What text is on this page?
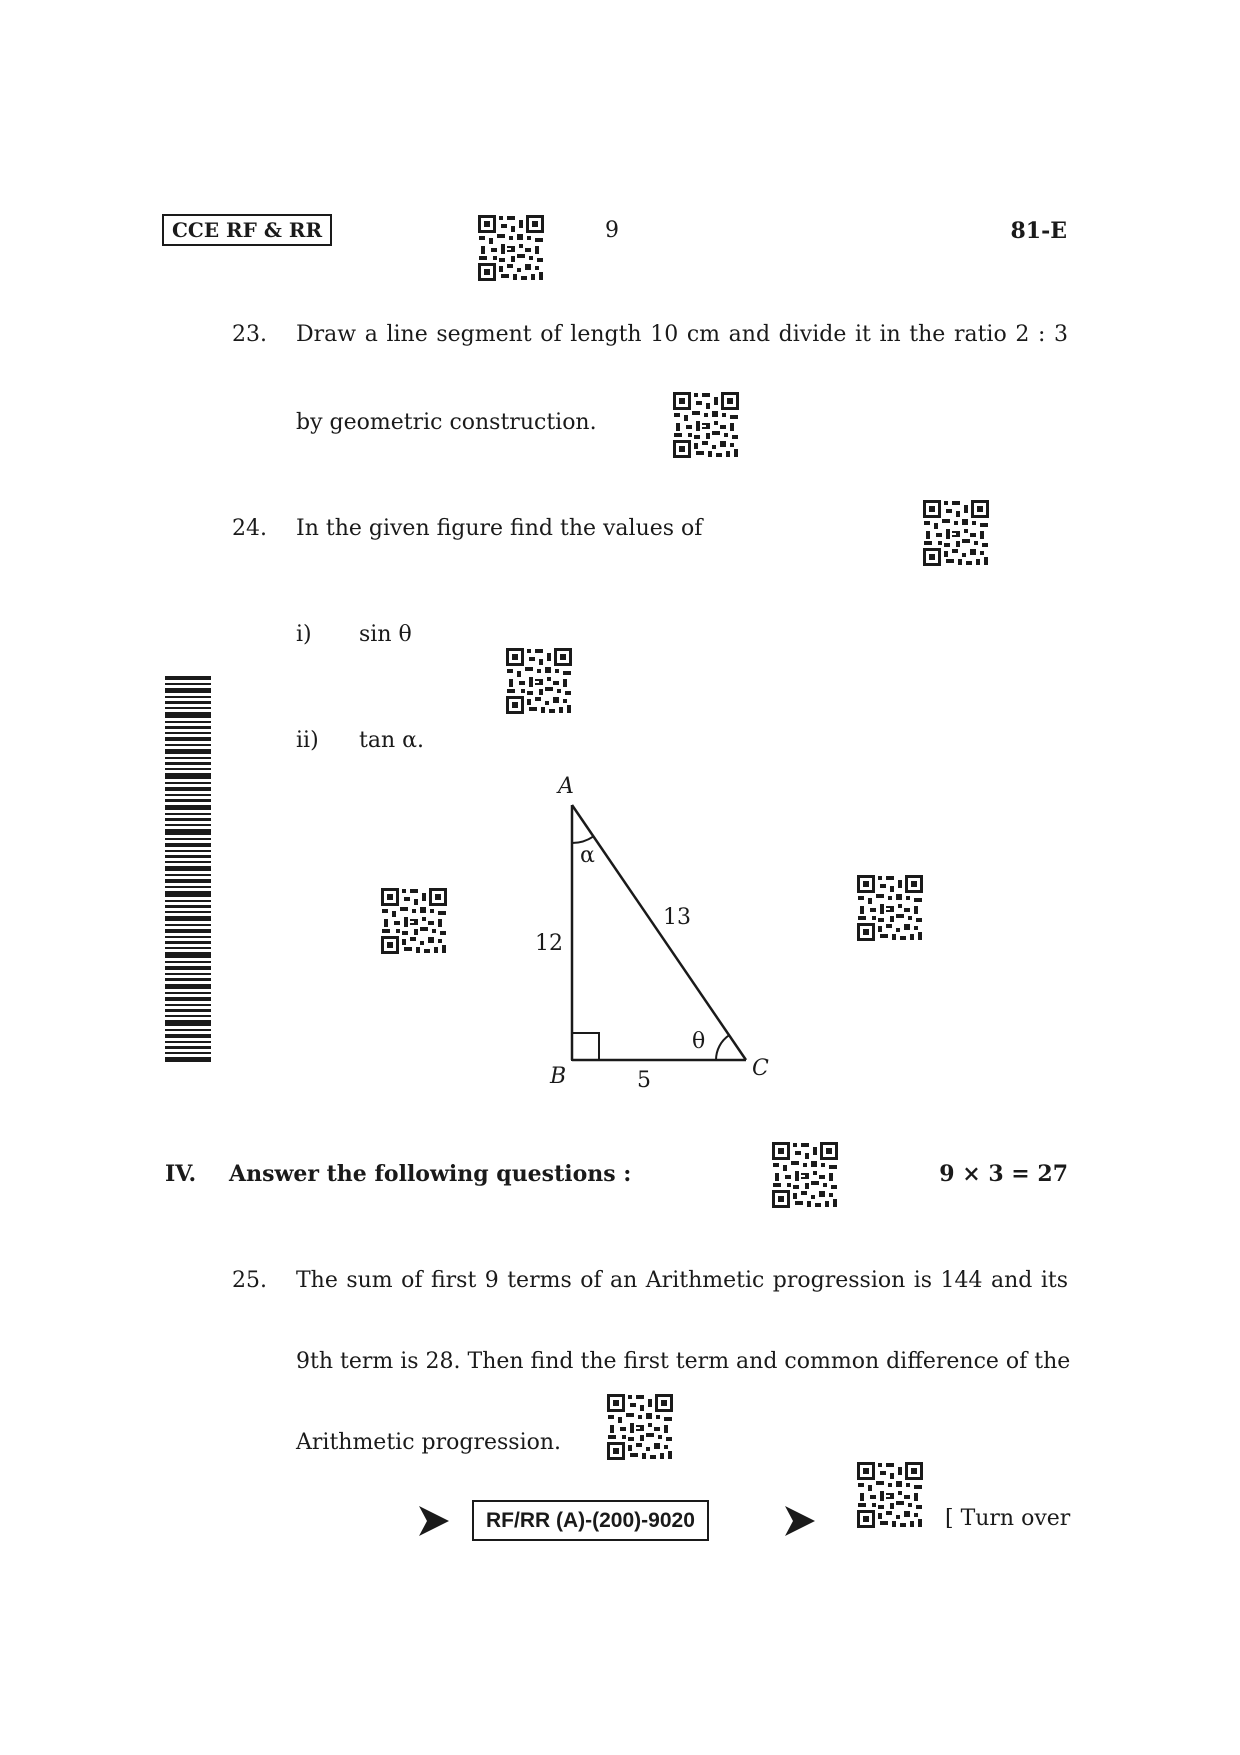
CCE RF & RR	9	81-E
23. Draw a line segment of length 10 cm and divide it in the ratio 2 : 3
by geometric construction.
24. In the given figure find the values of
i) sin θ
ii) tan α.
A
B	C
α
θ
12
5
13
IV. Answer the following questions :	9 × 3 = 27
25. The sum of first 9 terms of an Arithmetic progression is 144 and its
9th term is 28. Then find the first term and common difference of the
Arithmetic progression.
RF/RR (A)-(200)-9020	[ Turn over
